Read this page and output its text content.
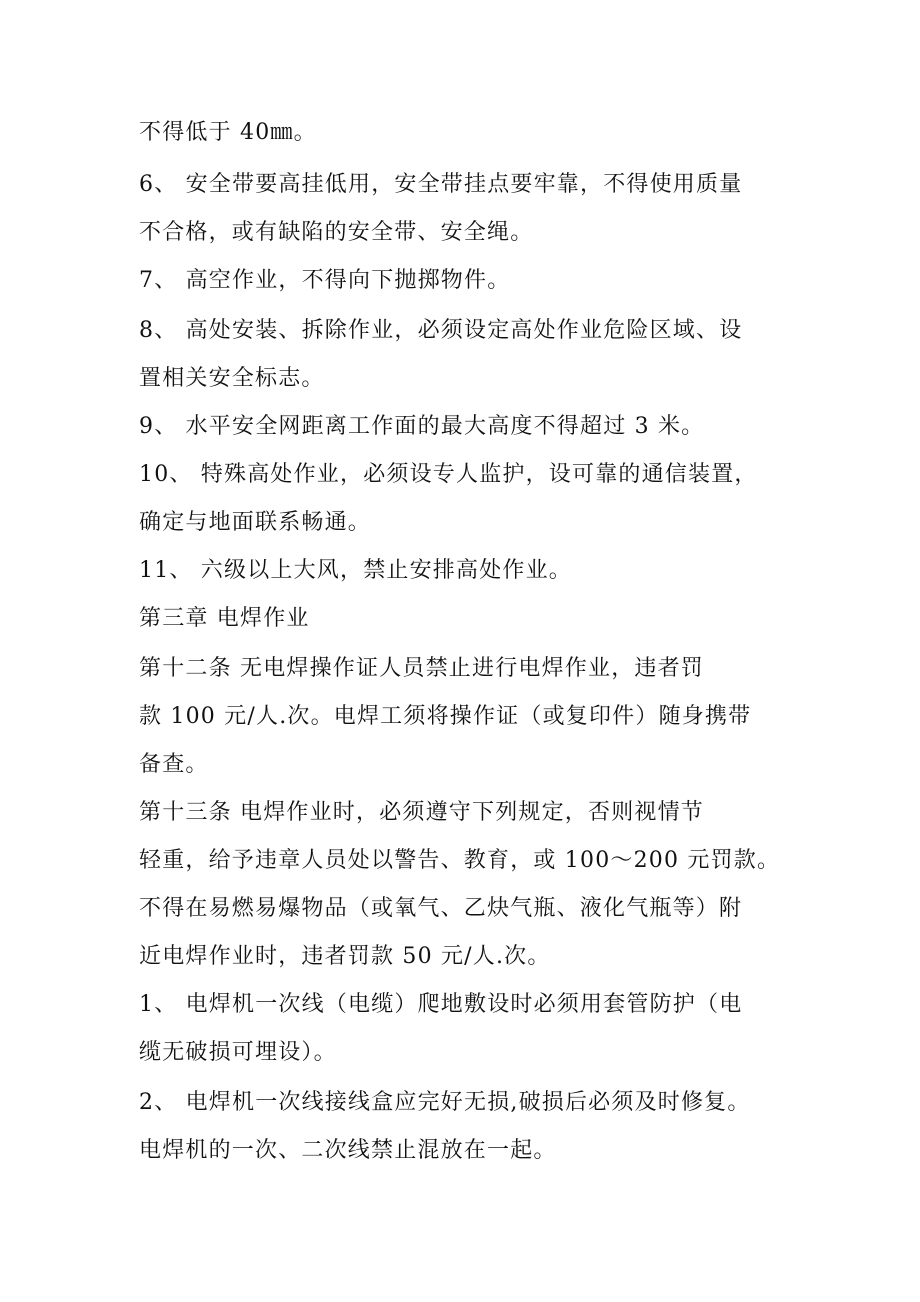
不得低于 40㎜。
6、 安全带要高挂低用，安全带挂点要牢靠，不得使用质量
不合格，或有缺陷的安全带、安全绳。
7、 高空作业，不得向下抛掷物件。
8、 高处安装、拆除作业，必须设定高处作业危险区域、设
置相关安全标志。
9、 水平安全网距离工作面的最大高度不得超过 3 米。
10、 特殊高处作业，必须设专人监护，设可靠的通信装置，
确定与地面联系畅通。
11、 六级以上大风，禁止安排高处作业。
第三章 电焊作业
第十二条 无电焊操作证人员禁止进行电焊作业，违者罚
款 100 元/人.次。电焊工须将操作证（或复印件）随身携带
备查。
第十三条 电焊作业时，必须遵守下列规定，否则视情节
轻重，给予违章人员处以警告、教育，或 100～200 元罚款。
不得在易燃易爆物品（或氧气、乙炔气瓶、液化气瓶等）附
近电焊作业时，违者罚款 50 元/人.次。
1、 电焊机一次线（电缆）爬地敷设时必须用套管防护（电
缆无破损可埋设）。
2、 电焊机一次线接线盒应完好无损,破损后必须及时修复。
电焊机的一次、二次线禁止混放在一起。
